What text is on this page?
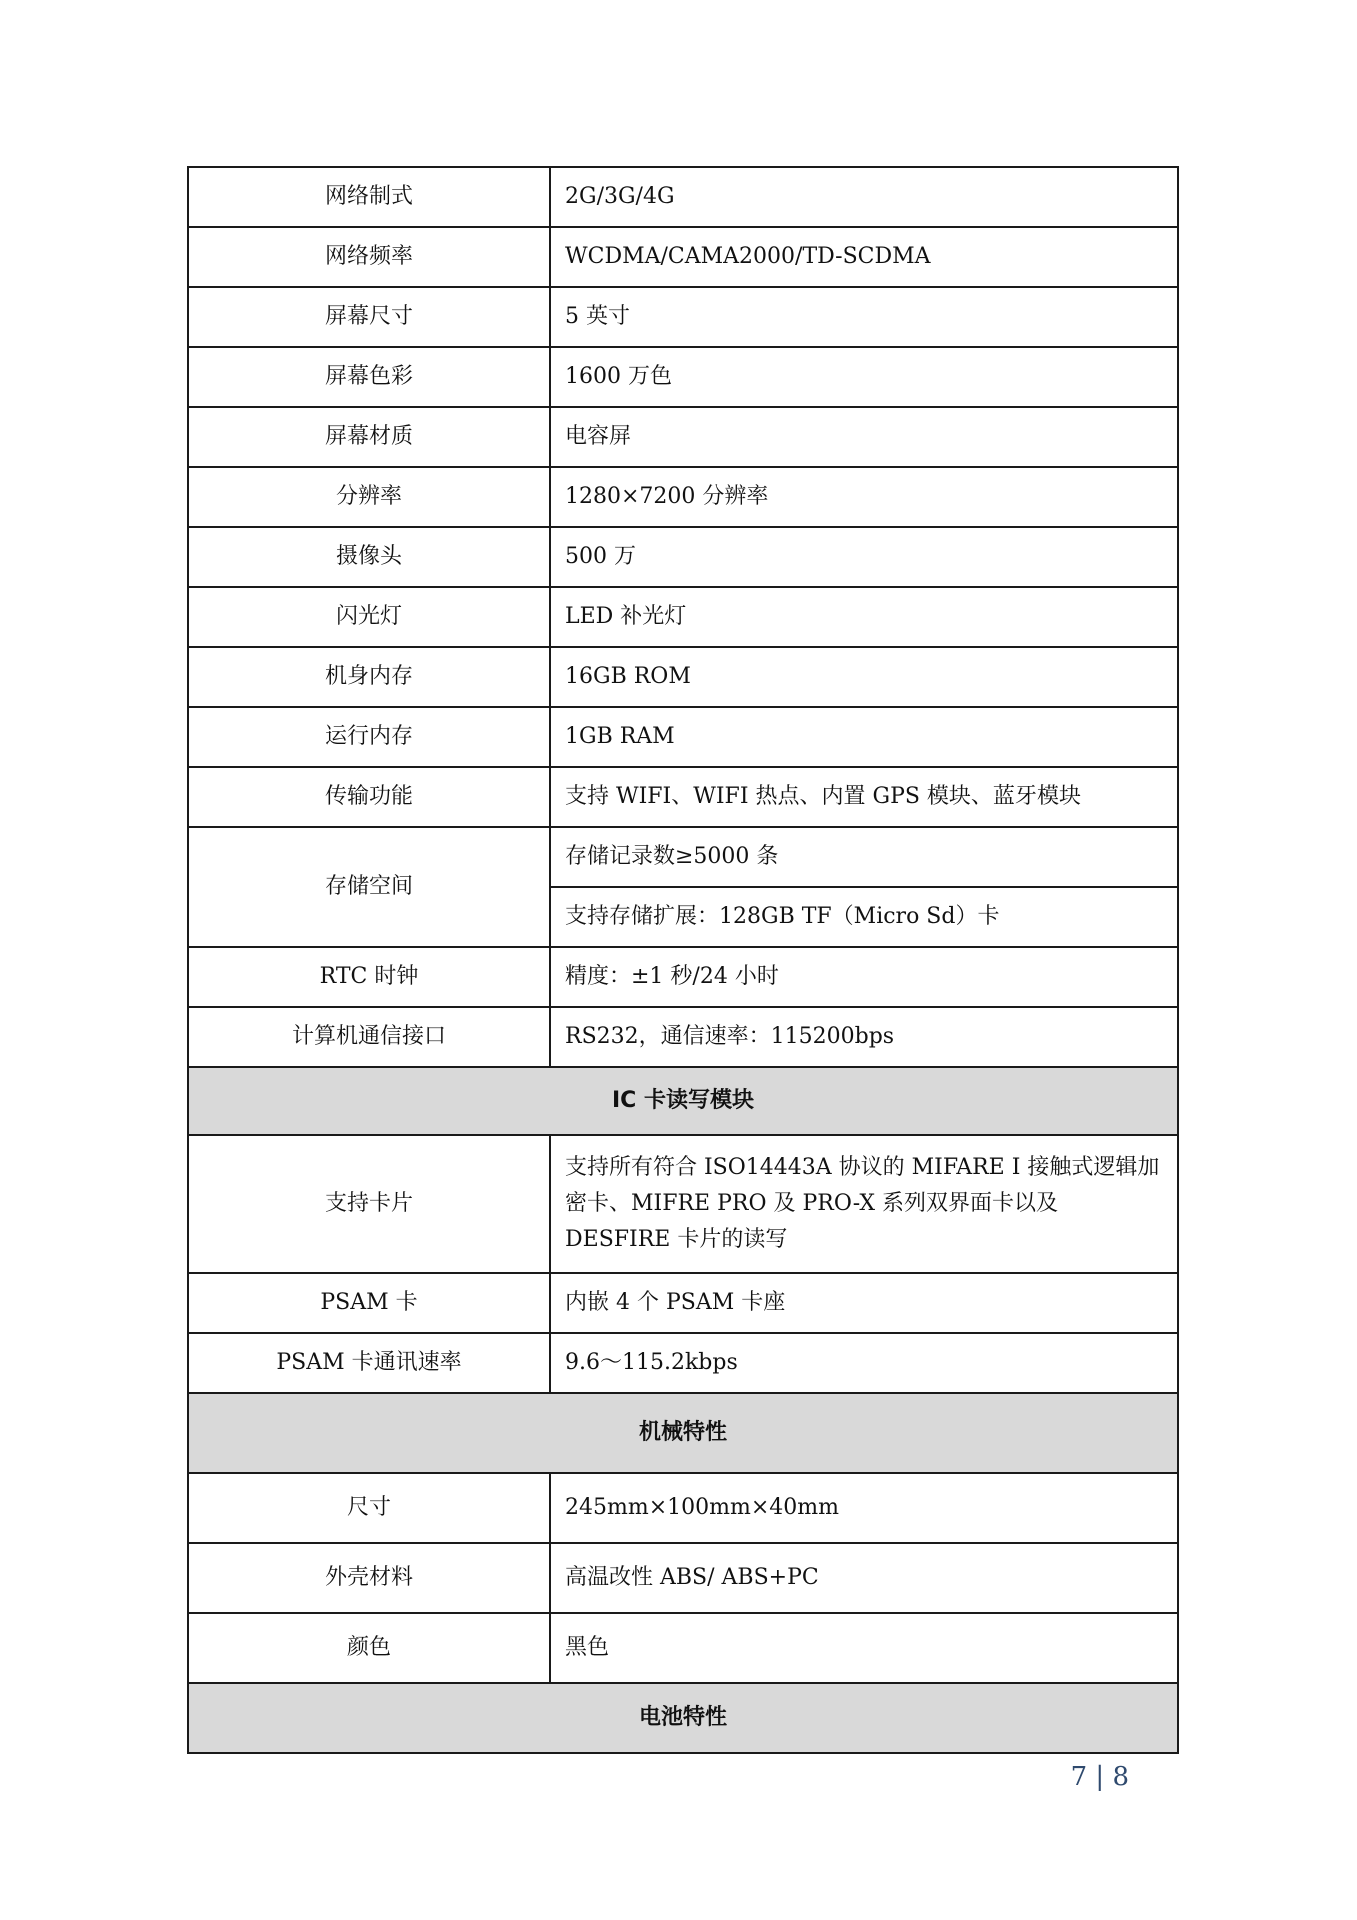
网络制式	2G/3G/4G
网络频率	WCDMA/CAMA2000/TD-SCDMA
屏幕尺寸	5 英寸
屏幕色彩	1600 万色
屏幕材质	电容屏
分辨率	1280×7200 分辨率
摄像头	500 万
闪光灯	LED 补光灯
机身内存	16GB ROM
运行内存	1GB RAM
传输功能	支持 WIFI、WIFI 热点、内置 GPS 模块、蓝牙模块
存储空间	存储记录数≥5000 条
	支持存储扩展：128GB TF（Micro Sd）卡
RTC 时钟	精度：±1 秒/24 小时
计算机通信接口	RS232，通信速率：115200bps
IC 卡读写模块	
支持卡片	支持所有符合 ISO14443A 协议的 MIFARE I 接触式逻辑加密卡、MIFRE PRO 及 PRO-X 系列双界面卡以及 DESFIRE 卡片的读写
PSAM 卡	内嵌 4 个 PSAM 卡座
PSAM 卡通讯速率	9.6～115.2kbps
机械特性	
尺寸	245mm×100mm×40mm
外壳材料	高温改性 ABS/ ABS+PC
颜色	黑色
电池特性	
7 | 8
